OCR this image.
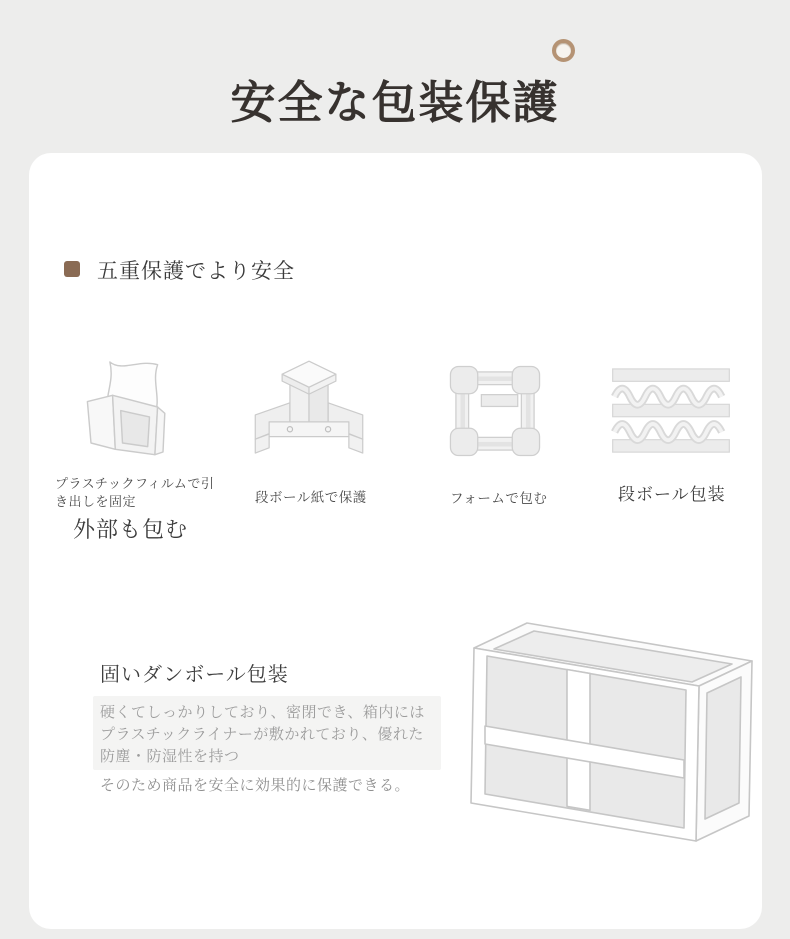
安全な包装保護
五重保護でより安全
プラスチックフィルムで引き出しを固定
外部も包む
段ボール紙で保護	フォームで包む	段ボール包装
固いダンボール包装
硬くてしっかりしており、密閉でき、箱内にはプラスチックライナーが敷かれており、優れた防塵・防湿性を持つ
そのため商品を安全に効果的に保護できる。
